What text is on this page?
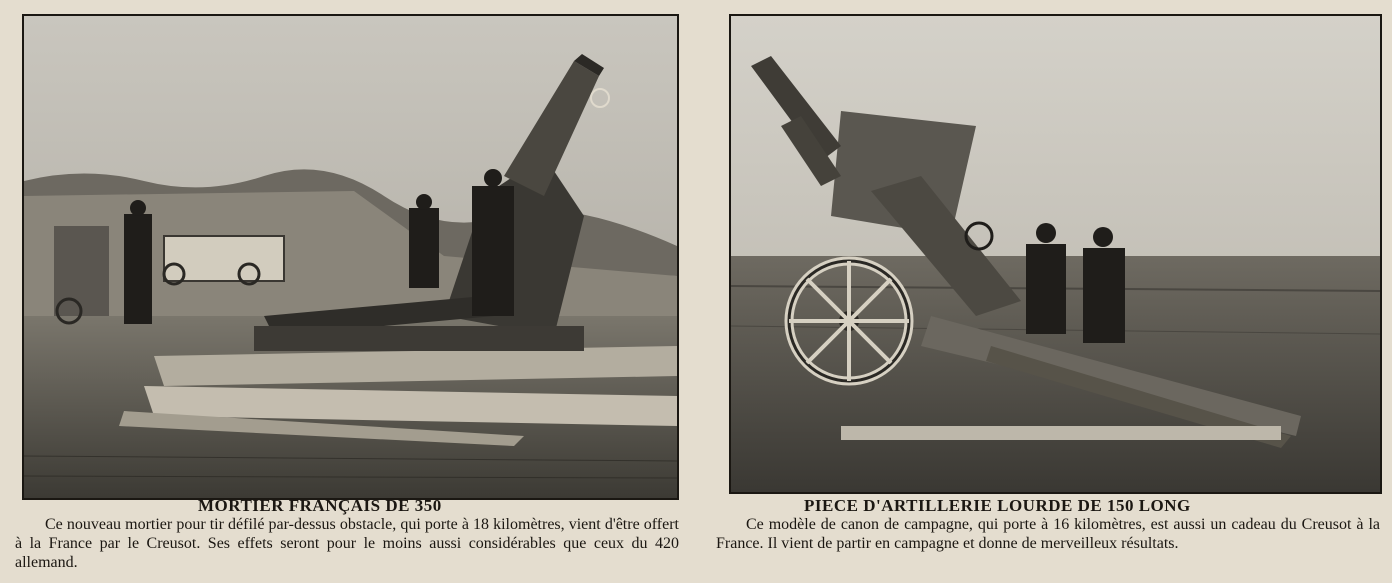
MORTIER FRANÇAIS DE 350

Ce nouveau mortier pour tir défilé par-dessus obstacle, qui porte à 18 kilomètres, vient d'être offert à la France par le Creusot. Ses effets seront pour le moins aussi considérables que ceux du 420 allemand.

PIECE D'ARTILLERIE LOURDE DE 150 LONG

Ce modèle de canon de campagne, qui porte à 16 kilomètres, est aussi un cadeau du Creusot à la France. Il vient de partir en campagne et donne de merveilleux résultats.
